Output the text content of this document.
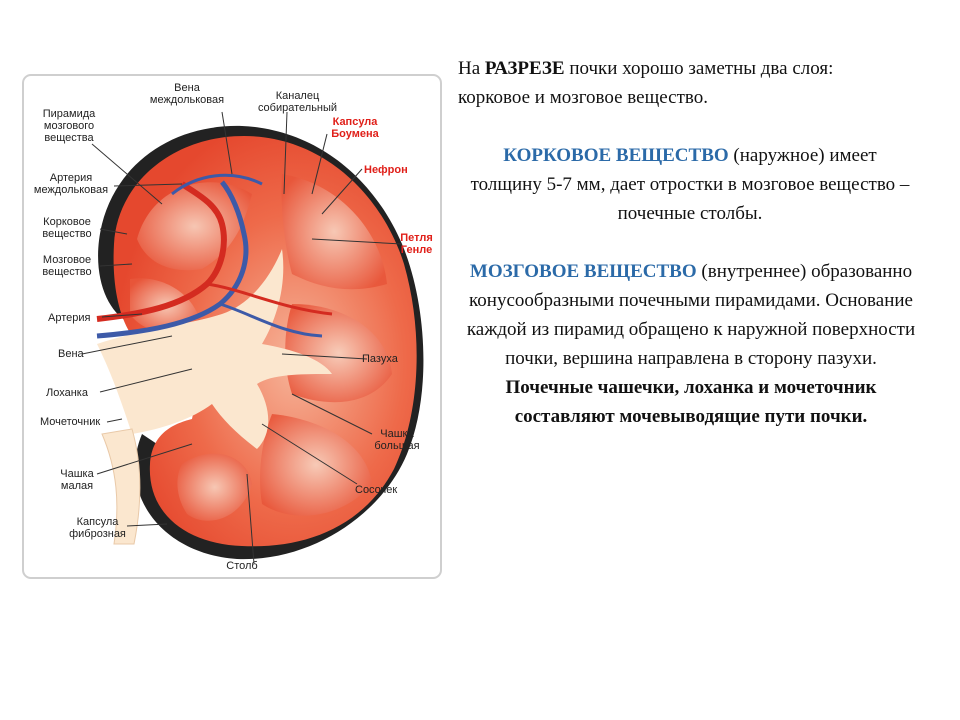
Вена
междольковая	Каналец
собирательный
Капсула
Боумена
Нефрон
Петля
Генле
Пирамида
мозгового
вещества
Артерия
междольковая
Корковое
вещество
Мозговое
вещество
Артерия
Вена
Лоханка
Мочеточник
Пазуха
Чашка
большая
Сосочек
Чашка
малая
Капсула
фиброзная
Столб
На РАЗРЕЗЕ почки хорошо заметны два слоя: корковое и мозговое вещество.
КОРКОВОЕ ВЕЩЕСТВО (наружное) имеет толщину 5-7 мм, дает отростки в мозговое вещество – почечные столбы.
МОЗГОВОЕ ВЕЩЕСТВО (внутреннее) образованно конусообразными почечными пирамидами. Основание каждой из пирамид обращено к наружной поверхности почки, вершина направлена в сторону пазухи.
Почечные чашечки, лоханка и мочеточник составляют мочевыводящие пути почки.
